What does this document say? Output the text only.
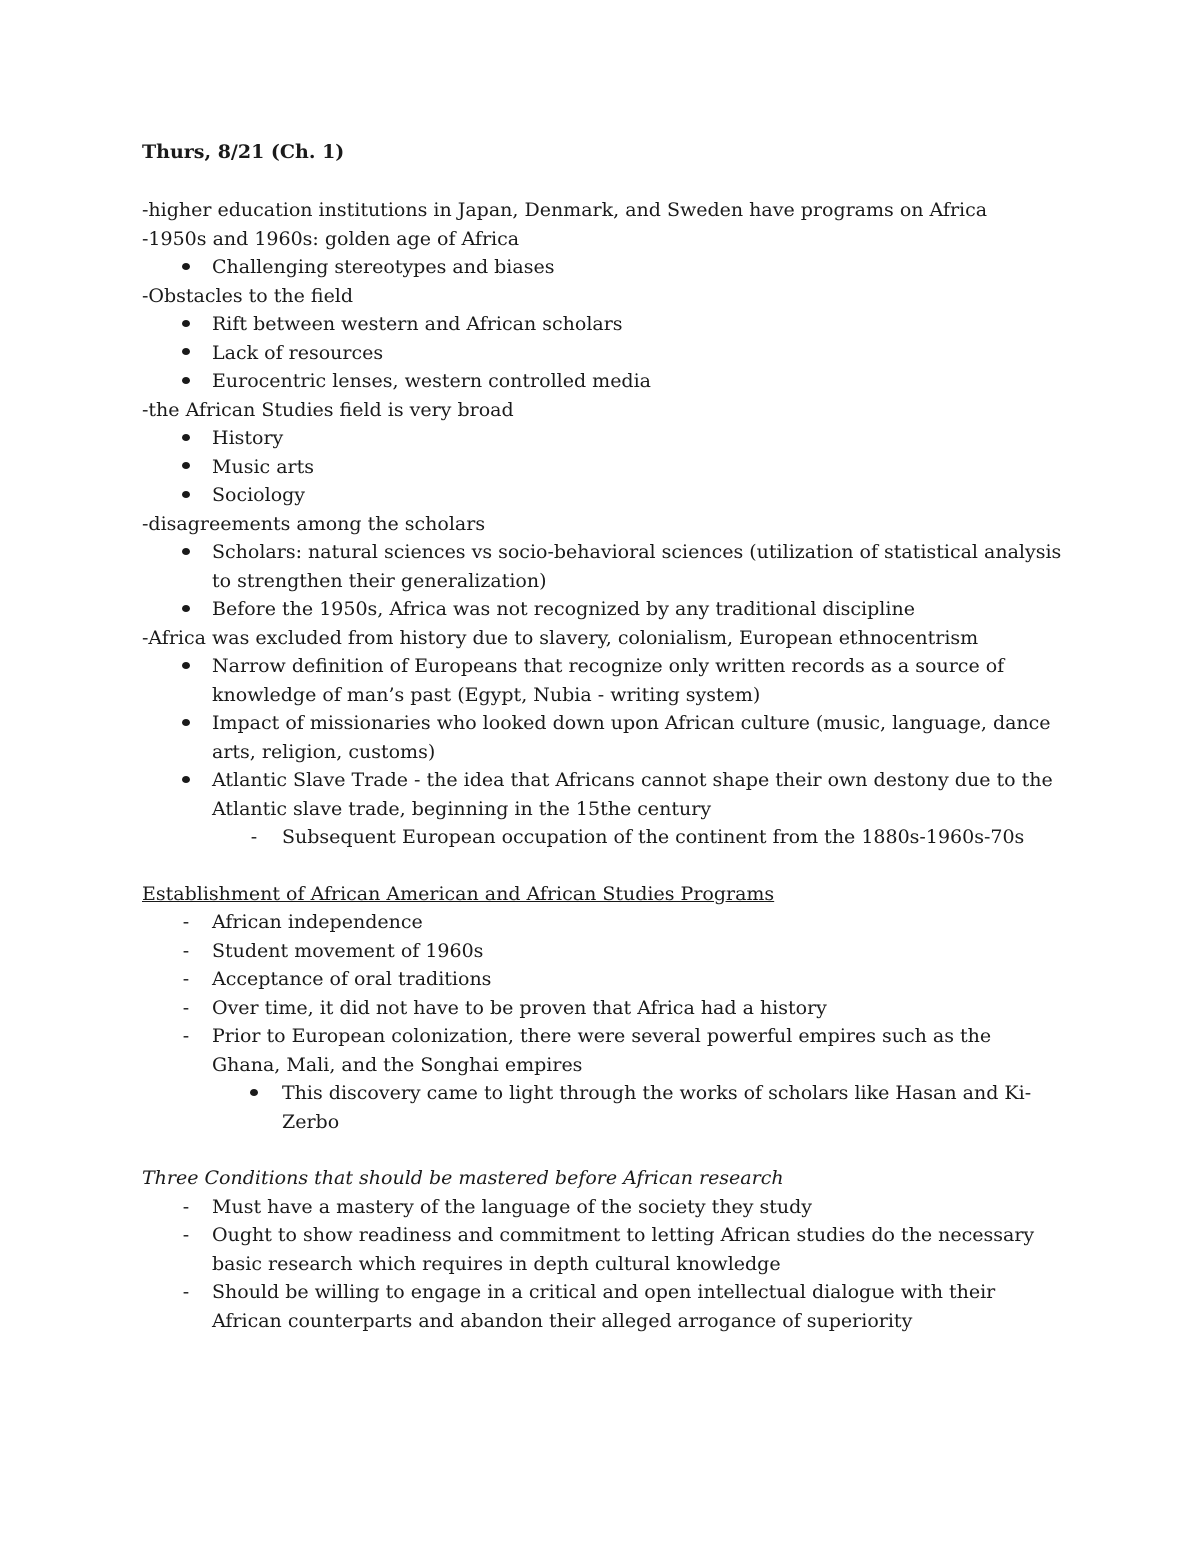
Thurs, 8/21 (Ch. 1)
-higher education institutions in Japan, Denmark, and Sweden have programs on Africa
-1950s and 1960s: golden age of Africa
Challenging stereotypes and biases
-Obstacles to the field
Rift between western and African scholars
Lack of resources
Eurocentric lenses, western controlled media
-the African Studies field is very broad
History
Music arts
Sociology
-disagreements among the scholars
Scholars: natural sciences vs socio-behavioral sciences (utilization of statistical analysis to strengthen their generalization)
Before the 1950s, Africa was not recognized by any traditional discipline
-Africa was excluded from history due to slavery, colonialism, European ethnocentrism
Narrow definition of Europeans that recognize only written records as a source of knowledge of man’s past (Egypt, Nubia - writing system)
Impact of missionaries who looked down upon African culture (music, language, dance arts, religion, customs)
Atlantic Slave Trade - the idea that Africans cannot shape their own destony due to the Atlantic slave trade, beginning in the 15the century
-	Subsequent European occupation of the continent from the 1880s-1960s-70s
Establishment of African American and African Studies Programs
-	African independence
-	Student movement of 1960s
-	Acceptance of oral traditions
-	Over time, it did not have to be proven that Africa had a history
-	Prior to European colonization, there were several powerful empires such as the Ghana, Mali, and the Songhai empires
This discovery came to light through the works of scholars like Hasan and Ki-Zerbo
Three Conditions that should be mastered before African research
-	Must have a mastery of the language of the society they study
-	Ought to show readiness and commitment to letting African studies do the necessary basic research which requires in depth cultural knowledge
-	Should be willing to engage in a critical and open intellectual dialogue with their African counterparts and abandon their alleged arrogance of superiority
